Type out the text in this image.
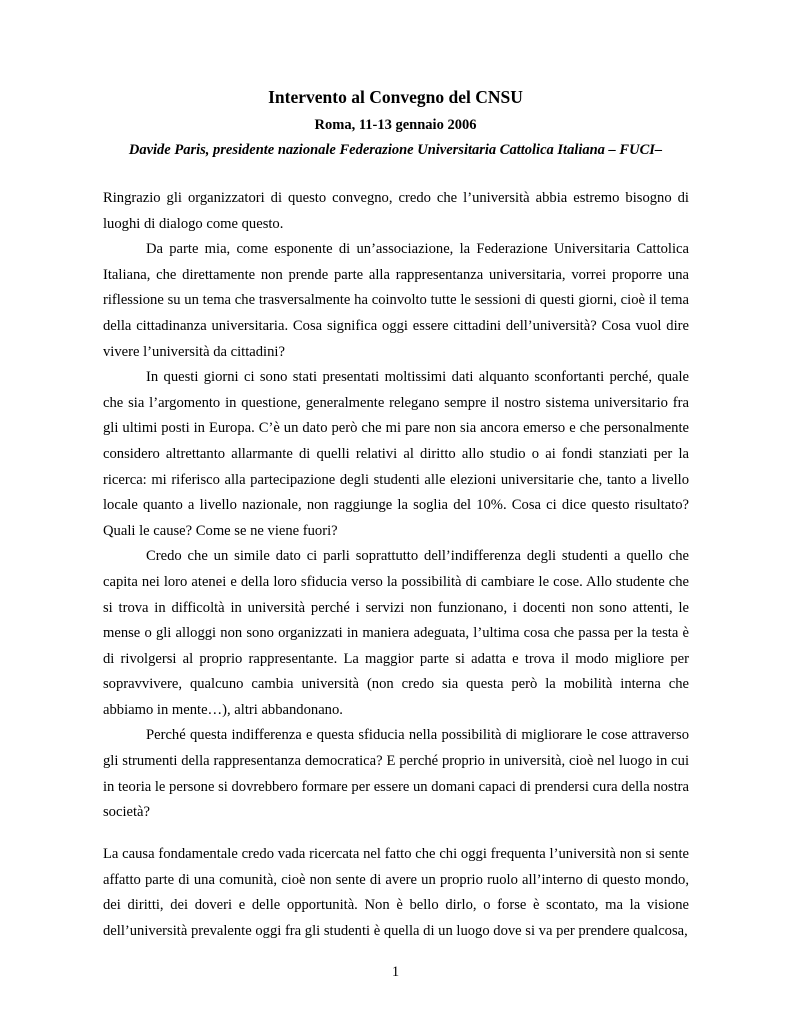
Intervento al Convegno del CNSU
Roma, 11-13 gennaio 2006
Davide Paris, presidente nazionale Federazione Universitaria Cattolica Italiana – FUCI–

Ringrazio gli organizzatori di questo convegno, credo che l’università abbia estremo bisogno di luoghi di dialogo come questo.

Da parte mia, come esponente di un’associazione, la Federazione Universitaria Cattolica Italiana, che direttamente non prende parte alla rappresentanza universitaria, vorrei proporre una riflessione su un tema che trasversalmente ha coinvolto tutte le sessioni di questi giorni, cioè il tema della cittadinanza universitaria. Cosa significa oggi essere cittadini dell’università? Cosa vuol dire vivere l’università da cittadini?

In questi giorni ci sono stati presentati moltissimi dati alquanto sconfortanti perché, quale che sia l’argomento in questione, generalmente relegano sempre il nostro sistema universitario fra gli ultimi posti in Europa. C’è un dato però che mi pare non sia ancora emerso e che personalmente considero altrettanto allarmante di quelli relativi al diritto allo studio o ai fondi stanziati per la ricerca: mi riferisco alla partecipazione degli studenti alle elezioni universitarie che, tanto a livello locale quanto a livello nazionale, non raggiunge la soglia del 10%. Cosa ci dice questo risultato? Quali le cause? Come se ne viene fuori?

Credo che un simile dato ci parli soprattutto dell’indifferenza degli studenti a quello che capita nei loro atenei e della loro sfiducia verso la possibilità di cambiare le cose. Allo studente che si trova in difficoltà in università perché i servizi non funzionano, i docenti non sono attenti, le mense o gli alloggi non sono organizzati in maniera adeguata, l’ultima cosa che passa per la testa è di rivolgersi al proprio rappresentante. La maggior parte si adatta e trova il modo migliore per sopravvivere, qualcuno cambia università (non credo sia questa però la mobilità interna che abbiamo in mente…), altri abbandonano.

Perché questa indifferenza e questa sfiducia nella possibilità di migliorare le cose attraverso gli strumenti della rappresentanza democratica? E perché proprio in università, cioè nel luogo in cui in teoria le persone si dovrebbero formare per essere un domani capaci di prendersi cura della nostra società?

La causa fondamentale credo vada ricercata nel fatto che chi oggi frequenta l’università non si sente affatto parte di una comunità, cioè non sente di avere un proprio ruolo all’interno di questo mondo, dei diritti, dei doveri e delle opportunità. Non è bello dirlo, o forse è scontato, ma la visione dell’università prevalente oggi fra gli studenti è quella di un luogo dove si va per prendere qualcosa,

1
